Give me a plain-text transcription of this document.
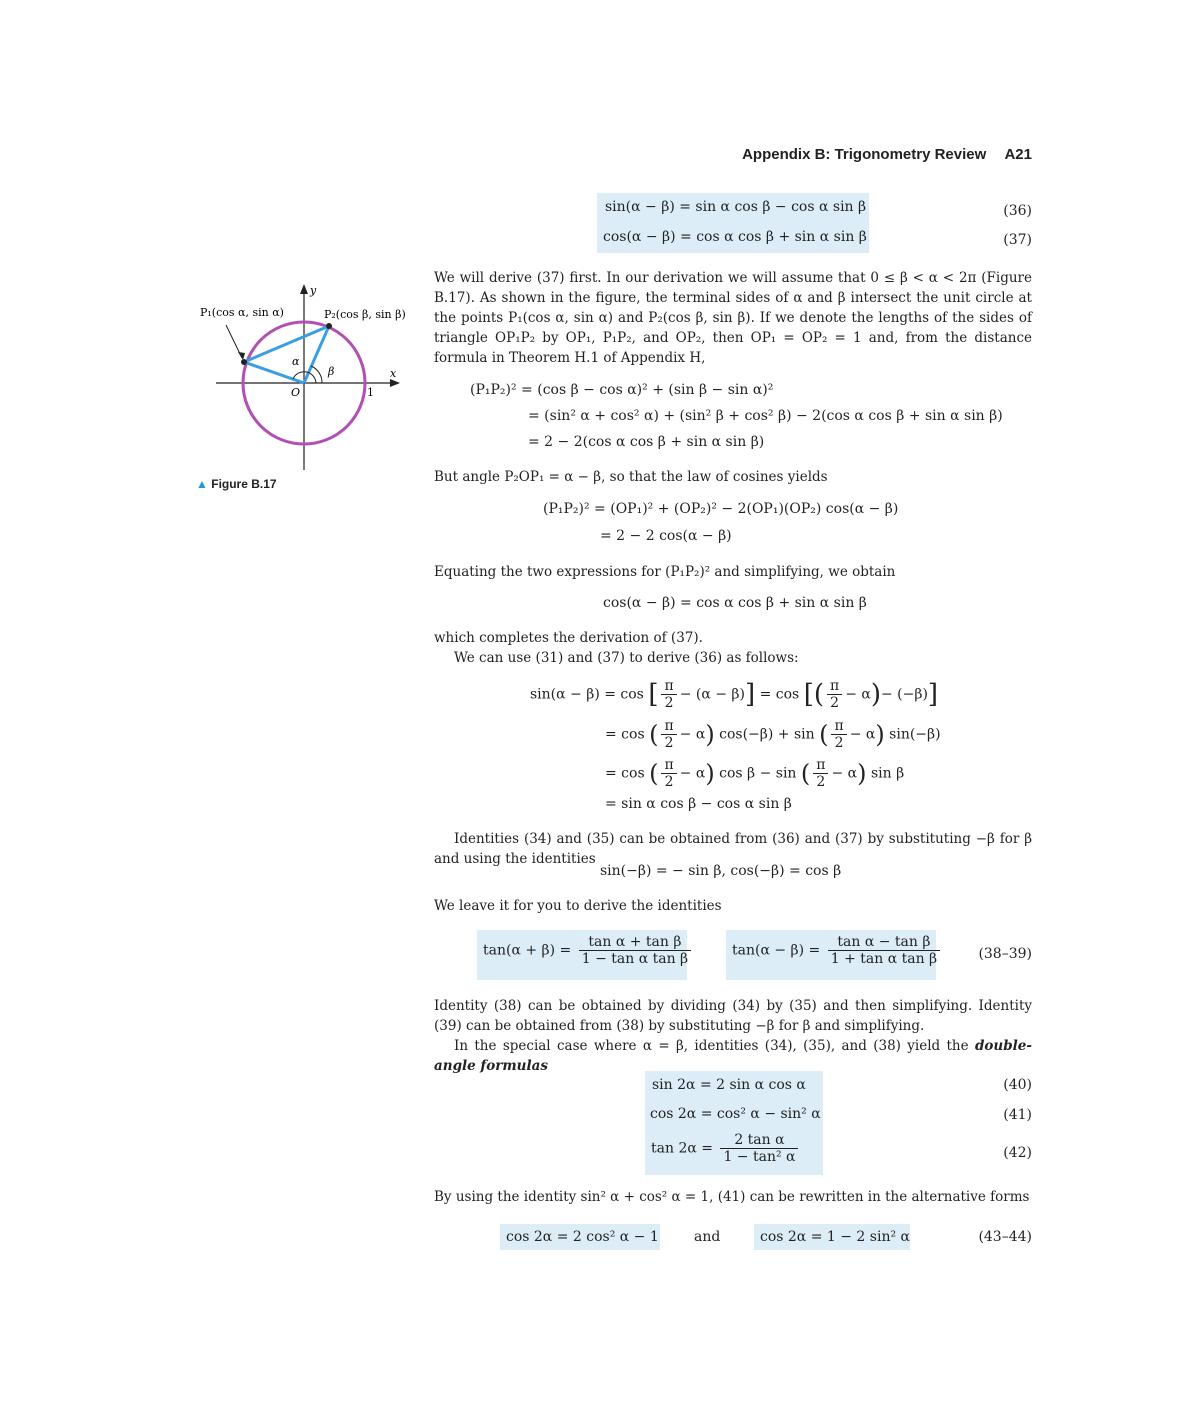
Appendix B: Trigonometry Review A21
y
x
O	1
α
β
P₁(cos α, sin α)	P₂(cos β, sin β)
▲ Figure B.17
sin(α − β) = sin α cos β − cos α sin β	(36)
cos(α − β) = cos α cos β + sin α sin β	(37)
We will derive (37) first. In our derivation we will assume that 0 ≤ β < α < 2π (Figure B.17). As shown in the figure, the terminal sides of α and β intersect the unit circle at the points P₁(cos α, sin α) and P₂(cos β, sin β). If we denote the lengths of the sides of triangle OP₁P₂ by OP₁, P₁P₂, and OP₂, then OP₁ = OP₂ = 1 and, from the distance formula in Theorem H.1 of Appendix H,
(P₁P₂)² = (cos β − cos α)² + (sin β − sin α)²
= (sin² α + cos² α) + (sin² β + cos² β) − 2(cos α cos β + sin α sin β)
= 2 − 2(cos α cos β + sin α sin β)
But angle P₂OP₁ = α − β, so that the law of cosines yields
(P₁P₂)² = (OP₁)² + (OP₂)² − 2(OP₁)(OP₂) cos(α − β)
= 2 − 2 cos(α − β)
Equating the two expressions for (P₁P₂)² and simplifying, we obtain
cos(α − β) = cos α cos β + sin α sin β
which completes the derivation of (37).
We can use (31) and (37) to derive (36) as follows:
sin(α − β) = cos [ $\frac{\pi}{2} - (\alpha - \beta)] = \cos$ [( $\frac{\pi}{2} - \alpha)- (-\beta)$]
= cos ( $\frac{\pi}{2} - \alpha$) cos(−β) + sin ( $\frac{\pi}{2} - \alpha$) sin(−β)
= cos ( $\frac{\pi}{2} - \alpha$) cos β − sin ( $\frac{\pi}{2} - \alpha$) sin β
= sin α cos β − cos α sin β
Identities (34) and (35) can be obtained from (36) and (37) by substituting −β for β and using the identities
sin(−β) = − sin β, cos(−β) = cos β
We leave it for you to derive the identities
$\tan(\alpha + \beta) = \frac{\text{tan α + tan β}}{\text{1 − tan α tan β}}$	$\tan(\alpha - \beta) = \frac{\text{tan α − tan β}}{\text{1 + tan α tan β}}$	(38–39)
Identity (38) can be obtained by dividing (34) by (35) and then simplifying. Identity (39) can be obtained from (38) by substituting −β for β and simplifying.
In the special case where α = β, identities (34), (35), and (38) yield the double-angle formulas
sin 2α = 2 sin α cos α	(40)
cos 2α = cos² α − sin² α	(41)
$\tan 2\alpha = \frac{\text{2 tan α}}{\text{1 − tan² α}}$	(42)
By using the identity sin² α + cos² α = 1, (41) can be rewritten in the alternative forms
cos 2α = 2 cos² α − 1	and	cos 2α = 1 − 2 sin² α	(43–44)
